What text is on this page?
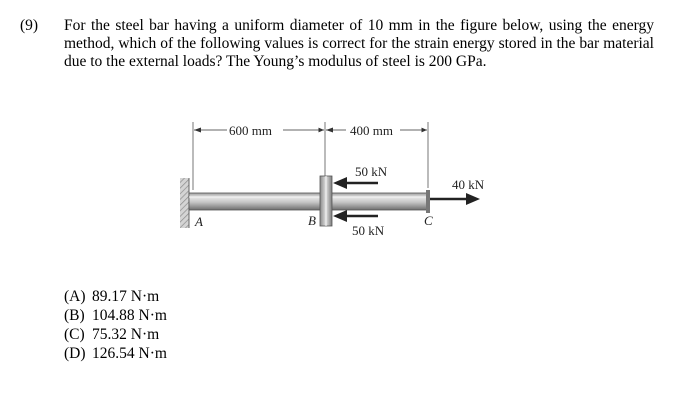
(9) For the steel bar having a uniform diameter of 10 mm in the figure below, using the energy method, which of the following values is correct for the strain energy stored in the bar material due to the external loads? The Young’s modulus of steel is 200 GPa.
600 mm	400 mm
50 kN
50 kN
40 kN
A	B	C
(A) 89.17 N·m
(B) 104.88 N·m
(C) 75.32 N·m
(D) 126.54 N·m
